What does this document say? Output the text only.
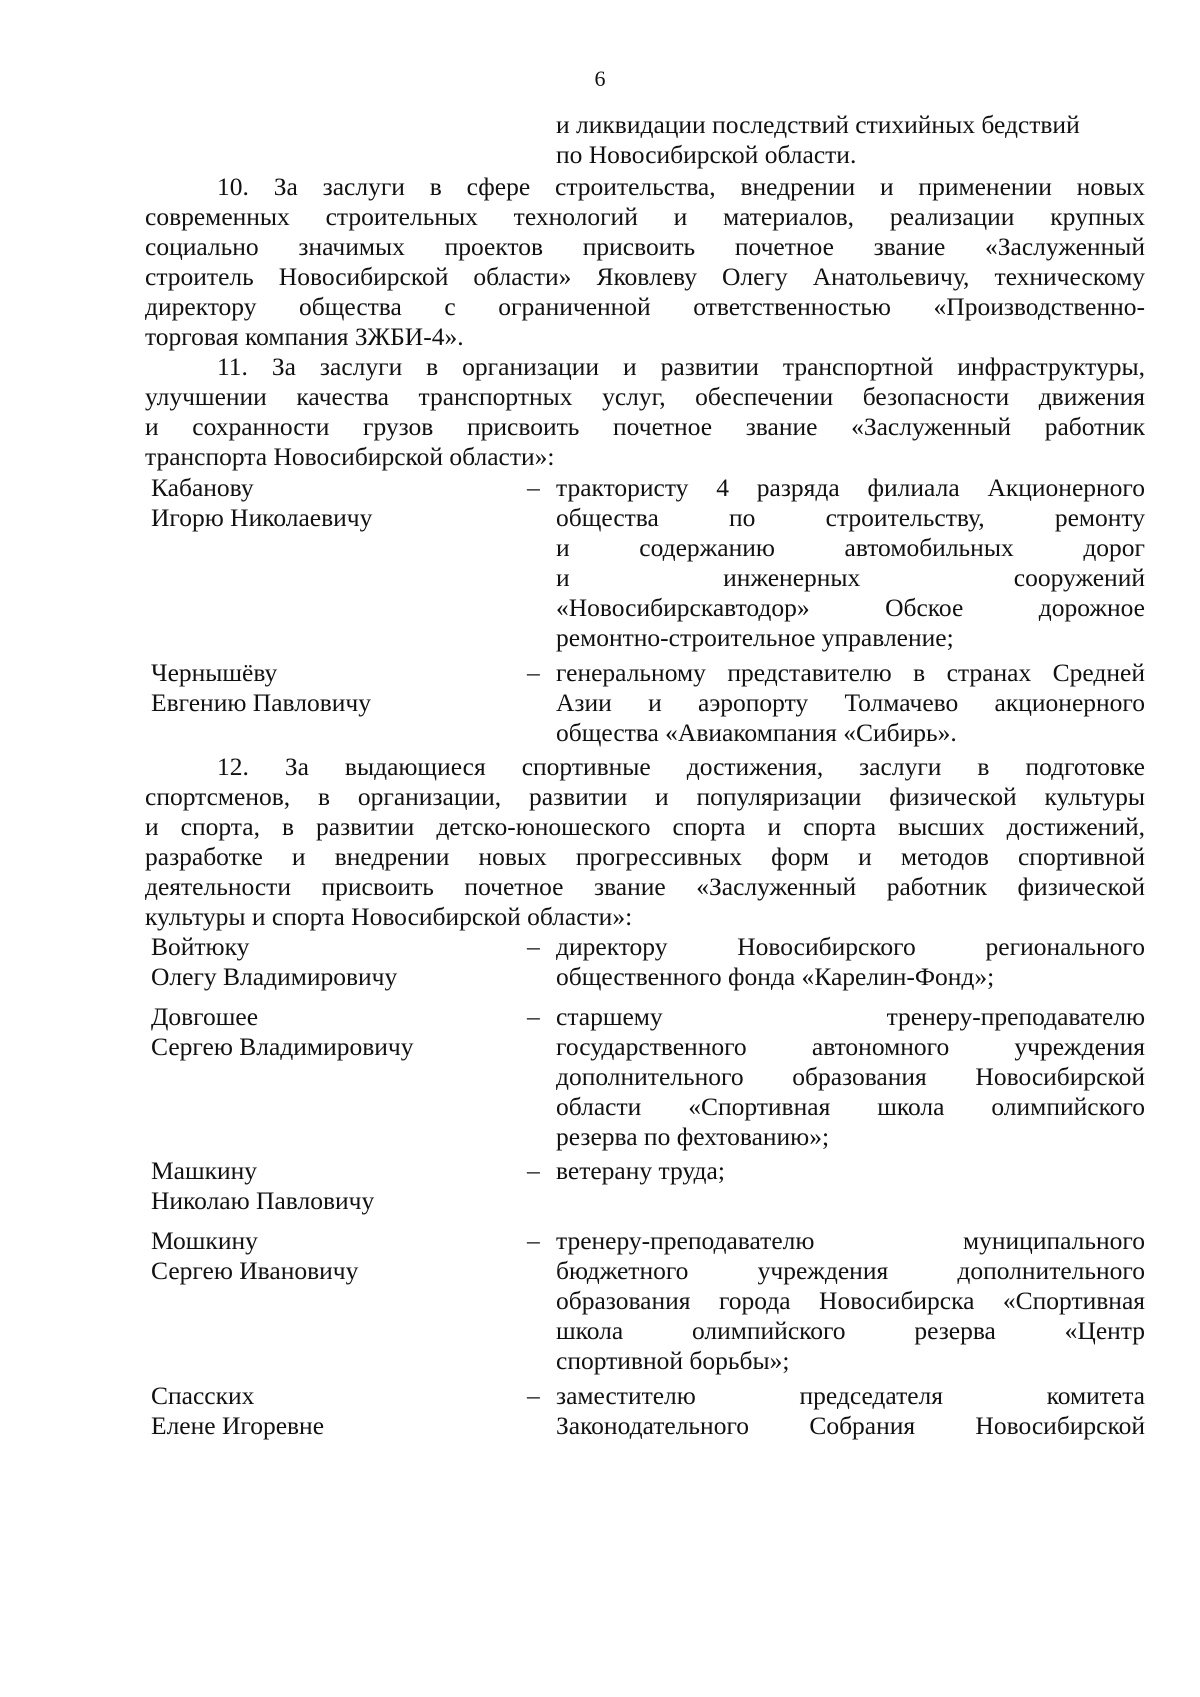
6
и ликвидации последствий стихийных бедствий
по Новосибирской области.
10. За заслуги в сфере строительства, внедрении и применении новых
современных строительных технологий и материалов, реализации крупных
социально значимых проектов присвоить почетное звание «Заслуженный
строитель Новосибирской области» Яковлеву Олегу Анатольевичу, техническому
директору общества с ограниченной ответственностью «Производственно-
торговая компания ЗЖБИ-4».
11. За заслуги в организации и развитии транспортной инфраструктуры,
улучшении качества транспортных услуг, обеспечении безопасности движения
и сохранности грузов присвоить почетное звание «Заслуженный работник
транспорта Новосибирской области»:
Кабанову
Игорю Николаевичу
– трактористу 4 разряда филиала Акционерного
общества по строительству, ремонту
и содержанию автомобильных дорог
и инженерных сооружений
«Новосибирскавтодор» Обское дорожное
ремонтно-строительное управление;
Чернышёву
Евгению Павловичу
– генеральному представителю в странах Средней
Азии и аэропорту Толмачево акционерного
общества «Авиакомпания «Сибирь».
12. За выдающиеся спортивные достижения, заслуги в подготовке
спортсменов, в организации, развитии и популяризации физической культуры
и спорта, в развитии детско-юношеского спорта и спорта высших достижений,
разработке и внедрении новых прогрессивных форм и методов спортивной
деятельности присвоить почетное звание «Заслуженный работник физической
культуры и спорта Новосибирской области»:
Войтюку
Олегу Владимировичу
– директору Новосибирского регионального
общественного фонда «Карелин-Фонд»;
Довгошее
Сергею Владимировичу
– старшему тренеру-преподавателю
государственного автономного учреждения
дополнительного образования Новосибирской
области «Спортивная школа олимпийского
резерва по фехтованию»;
Машкину
Николаю Павловичу
– ветерану труда;
Мошкину
Сергею Ивановичу
– тренеру-преподавателю муниципального
бюджетного учреждения дополнительного
образования города Новосибирска «Спортивная
школа олимпийского резерва «Центр
спортивной борьбы»;
Спасских
Елене Игоревне
– заместителю председателя комитета
Законодательного Собрания Новосибирской
